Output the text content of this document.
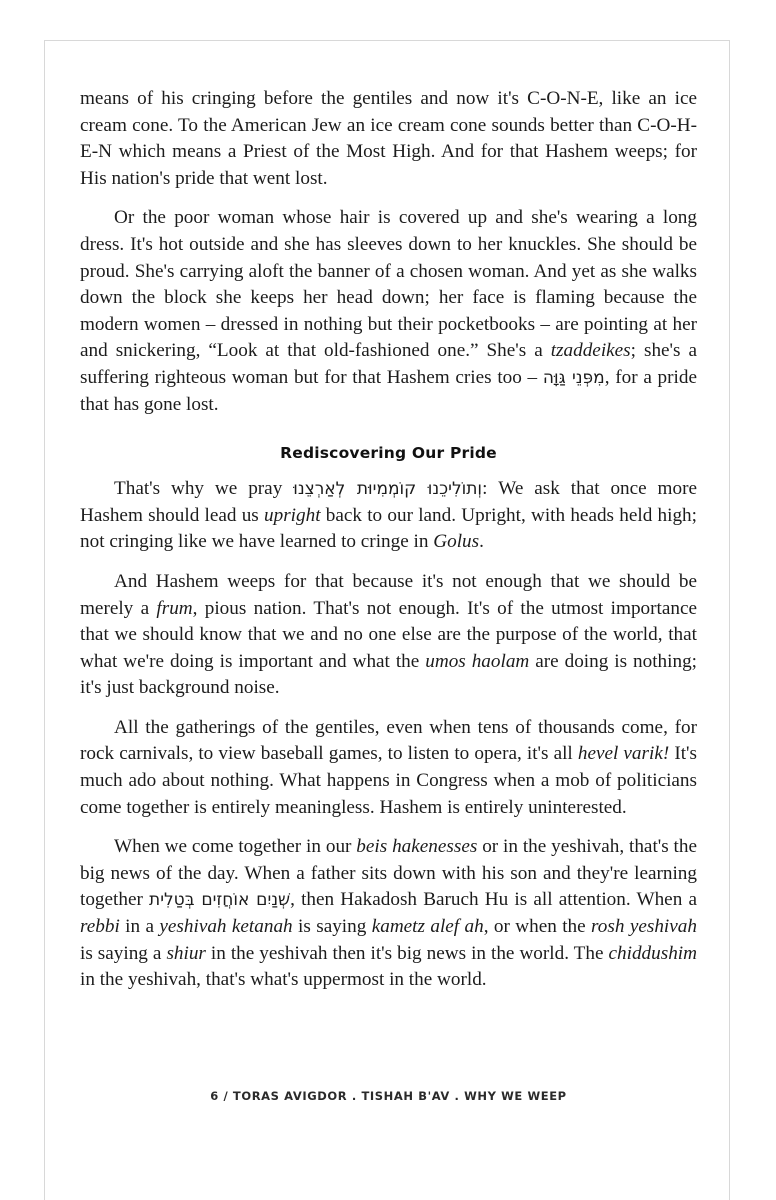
means of his cringing before the gentiles and now it's C-O-N-E, like an ice cream cone. To the American Jew an ice cream cone sounds better than C-O-H-E-N which means a Priest of the Most High. And for that Hashem weeps; for His nation's pride that went lost.

Or the poor woman whose hair is covered up and she's wearing a long dress. It's hot outside and she has sleeves down to her knuckles. She should be proud. She's carrying aloft the banner of a chosen woman. And yet as she walks down the block she keeps her head down; her face is flaming because the modern women – dressed in nothing but their pocketbooks – are pointing at her and snickering, “Look at that old-fashioned one.” She's a tzaddeikes; she's a suffering righteous woman but for that Hashem cries too – מִפְּנֵי גַּוָּה, for a pride that has gone lost.

Rediscovering Our Pride

That's why we pray וְתוֹלִיכֵנוּ קוֹמְמִיוּת לְאַרְצֵנוּ: We ask that once more Hashem should lead us upright back to our land. Upright, with heads held high; not cringing like we have learned to cringe in Golus.

And Hashem weeps for that because it's not enough that we should be merely a frum, pious nation. That's not enough. It's of the utmost importance that we should know that we and no one else are the purpose of the world, that what we're doing is important and what the umos haolam are doing is nothing; it's just background noise.

All the gatherings of the gentiles, even when tens of thousands come, for rock carnivals, to view baseball games, to listen to opera, it's all hevel varik! It's much ado about nothing. What happens in Congress when a mob of politicians come together is entirely meaningless. Hashem is entirely uninterested.

When we come together in our beis hakenesses or in the yeshivah, that's the big news of the day. When a father sits down with his son and they're learning together שְׁנַיִם אוֹחֲזִים בְּטַלִית, then Hakadosh Baruch Hu is all attention. When a rebbi in a yeshivah ketanah is saying kametz alef ah, or when the rosh yeshivah is saying a shiur in the yeshivah then it's big news in the world. The chiddushim in the yeshivah, that's what's uppermost in the world.

6 / TORAS AVIGDOR . TISHAH B'AV . WHY WE WEEP
